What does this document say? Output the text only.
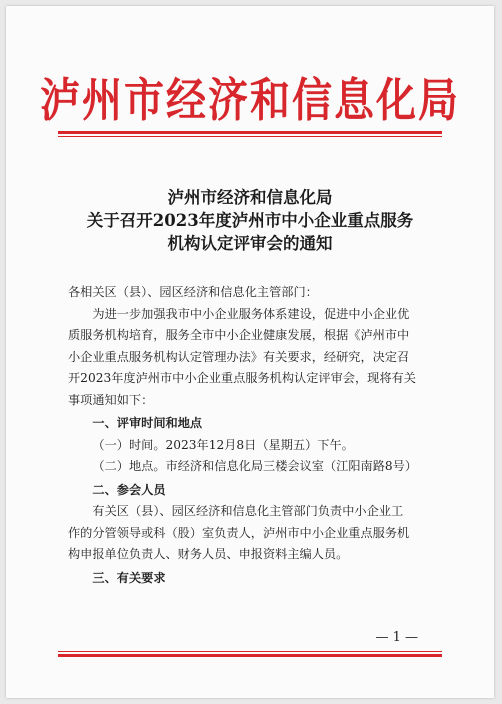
泸州市经济和信息化局
泸州市经济和信息化局
关于召开2023年度泸州市中小企业重点服务
机构认定评审会的通知

各相关区（县）、园区经济和信息化主管部门：

为进一步加强我市中小企业服务体系建设，促进中小企业优

质服务机构培育，服务全市中小企业健康发展，根据《泸州市中

小企业重点服务机构认定管理办法》有关要求，经研究，决定召

开2023年度泸州市中小企业重点服务机构认定评审会，现将有关

事项通知如下：

一、评审时间和地点

（一）时间。2023年12月8日（星期五）下午。

（二）地点。市经济和信息化局三楼会议室（江阳南路8号）

二、参会人员

有关区（县）、园区经济和信息化主管部门负责中小企业工

作的分管领导或科（股）室负责人，泸州市中小企业重点服务机

构申报单位负责人、财务人员、申报资料主编人员。

三、有关要求

— 1 —
